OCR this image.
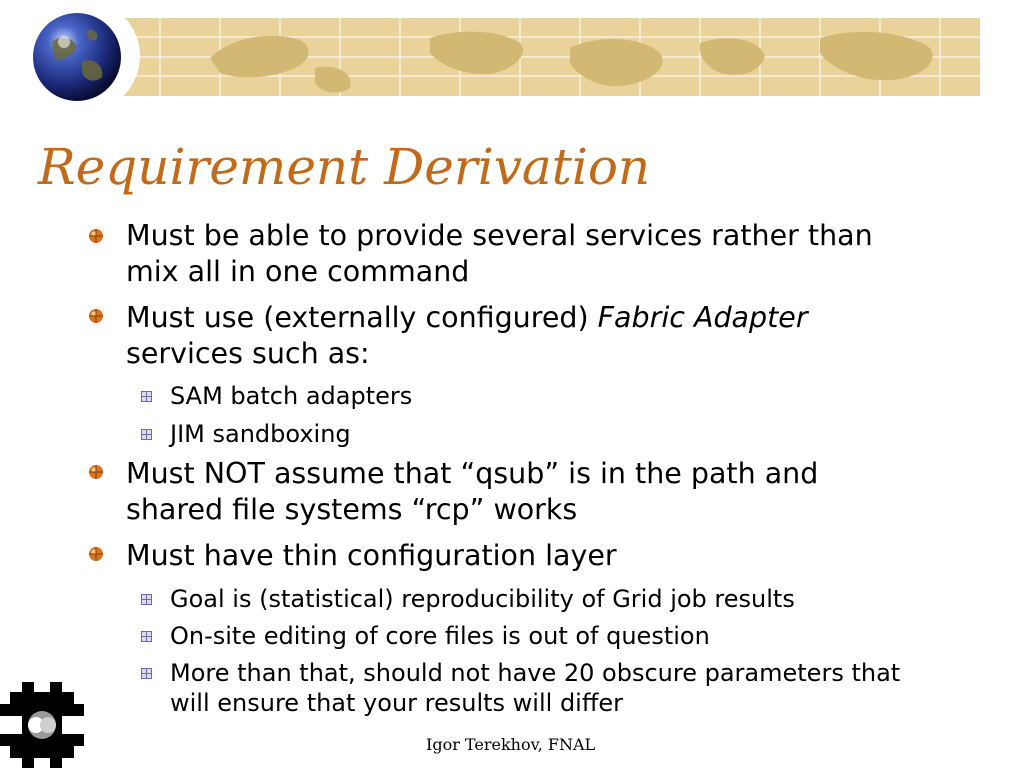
Requirement Derivation
Must be able to provide several services rather than
mix all in one command
Must use (externally configured) Fabric Adapter
services such as:
SAM batch adapters
JIM sandboxing
Must NOT assume that “qsub” is in the path and
shared file systems “rcp” works
Must have thin configuration layer
Goal is (statistical) reproducibility of Grid job results
On-site editing of core files is out of question
More than that, should not have 20 obscure parameters that
will ensure that your results will differ
Igor Terekhov, FNAL
